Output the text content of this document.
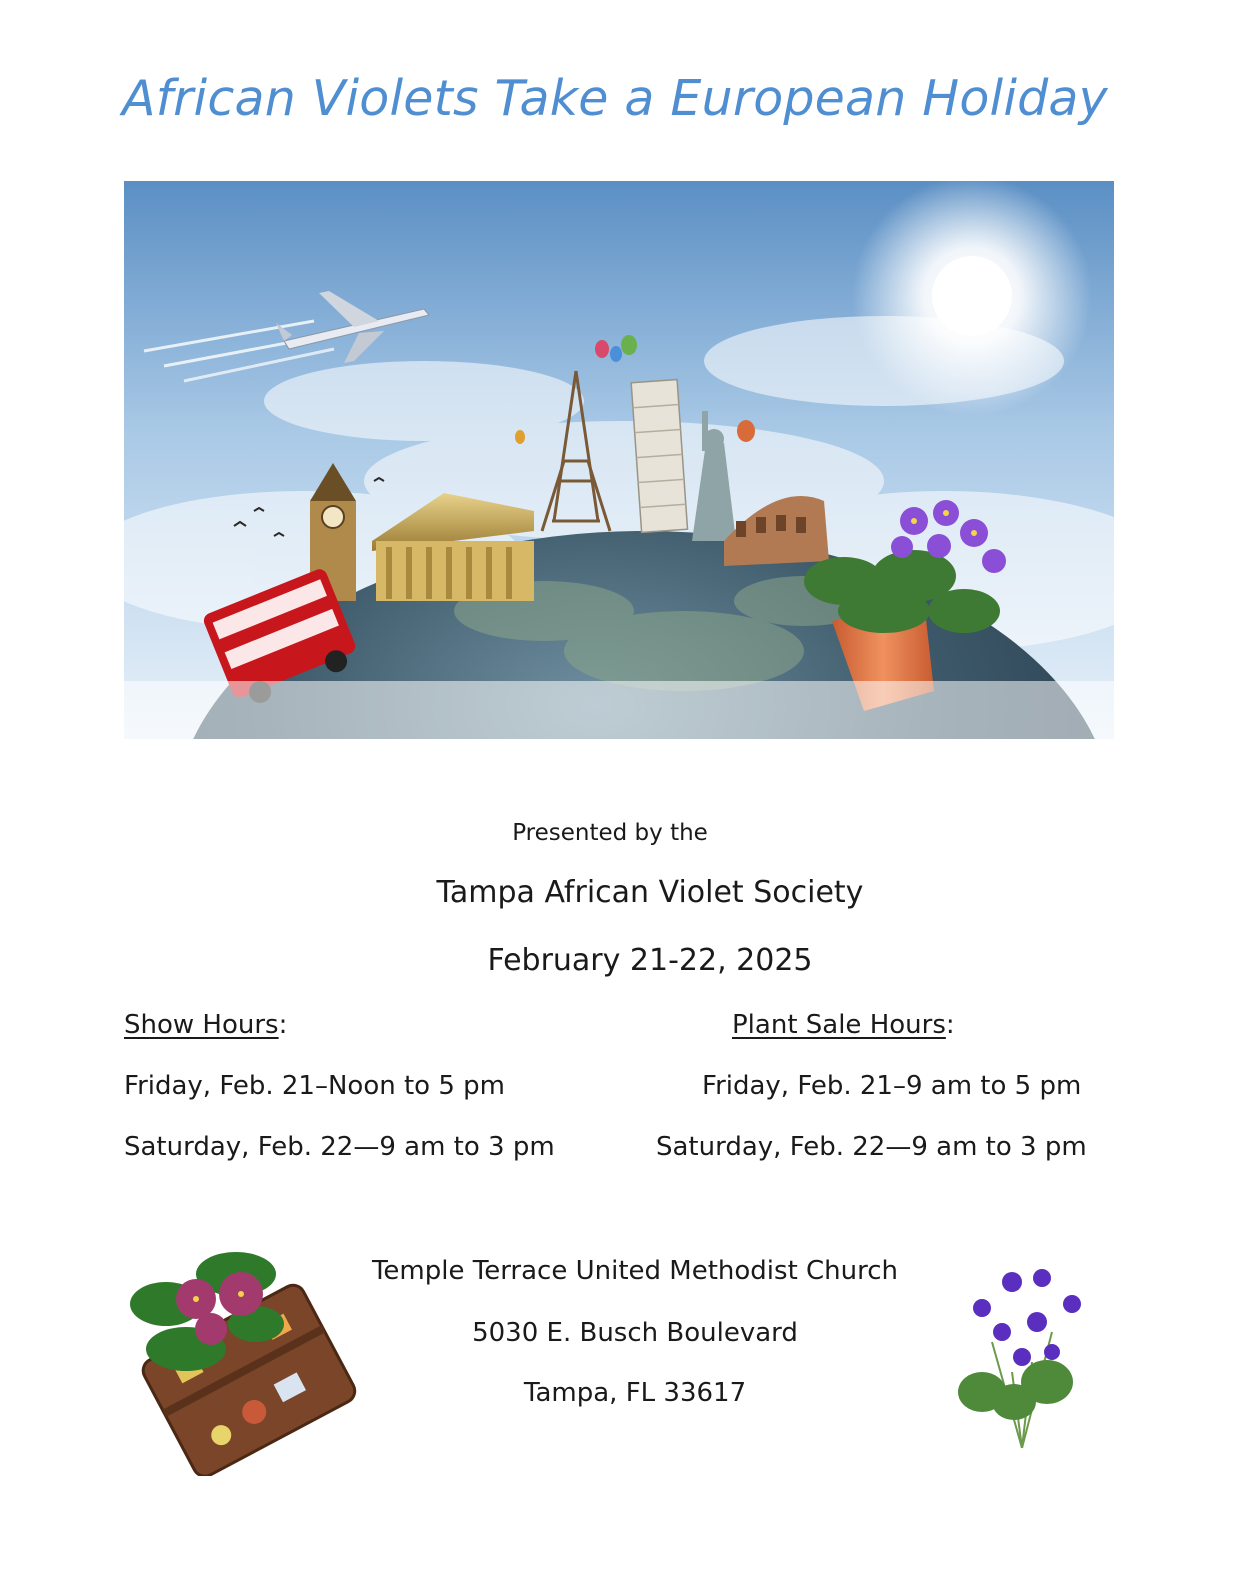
African Violets Take a European Holiday
Presented by the
Tampa African Violet Society
February 21-22, 2025
Show Hours:	Plant Sale Hours:
Friday, Feb. 21–Noon to 5 pm
Saturday, Feb. 22—9 am to 3 pm
Friday, Feb. 21–9 am to 5 pm
Saturday, Feb. 22—9 am to 3 pm
Temple Terrace United Methodist Church
5030 E. Busch Boulevard
Tampa, FL 33617
